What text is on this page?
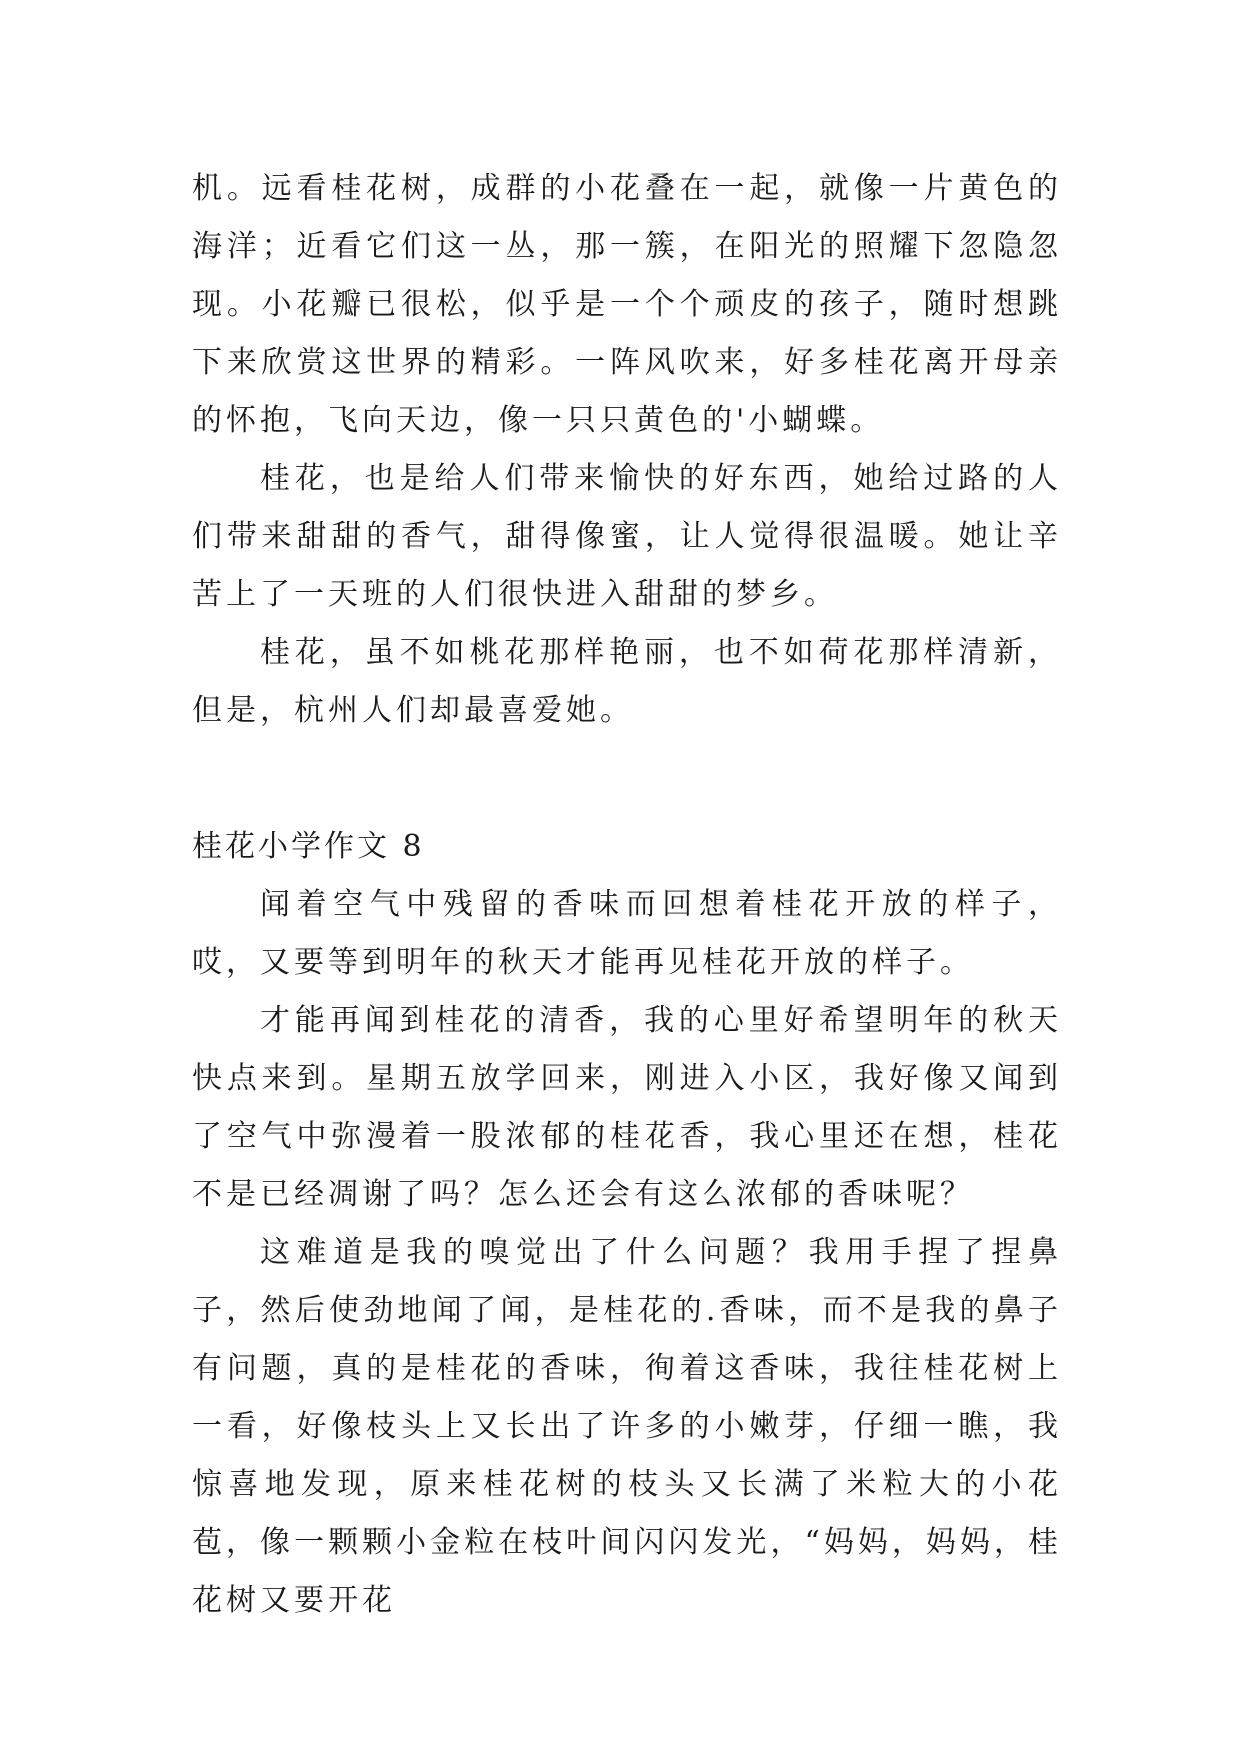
机。远看桂花树，成群的小花叠在一起，就像一片黄色的海洋；近看它们这一丛，那一簇，在阳光的照耀下忽隐忽现。小花瓣已很松，似乎是一个个顽皮的孩子，随时想跳下来欣赏这世界的精彩。一阵风吹来，好多桂花离开母亲的怀抱，飞向天边，像一只只黄色的'小蝴蝶。

桂花，也是给人们带来愉快的好东西，她给过路的人们带来甜甜的香气，甜得像蜜，让人觉得很温暖。她让辛苦上了一天班的人们很快进入甜甜的梦乡。

桂花，虽不如桃花那样艳丽，也不如荷花那样清新，但是，杭州人们却最喜爱她。

桂花小学作文 8

闻着空气中残留的香味而回想着桂花开放的样子，哎，又要等到明年的秋天才能再见桂花开放的样子。

才能再闻到桂花的清香，我的心里好希望明年的秋天快点来到。星期五放学回来，刚进入小区，我好像又闻到了空气中弥漫着一股浓郁的桂花香，我心里还在想，桂花不是已经凋谢了吗？怎么还会有这么浓郁的香味呢？

这难道是我的嗅觉出了什么问题？我用手捏了捏鼻子，然后使劲地闻了闻，是桂花的.香味，而不是我的鼻子有问题，真的是桂花的香味，徇着这香味，我往桂花树上一看，好像枝头上又长出了许多的小嫩芽，仔细一瞧，我惊喜地发现，原来桂花树的枝头又长满了米粒大的小花苞，像一颗颗小金粒在枝叶间闪闪发光，“妈妈，妈妈，桂花树又要开花
